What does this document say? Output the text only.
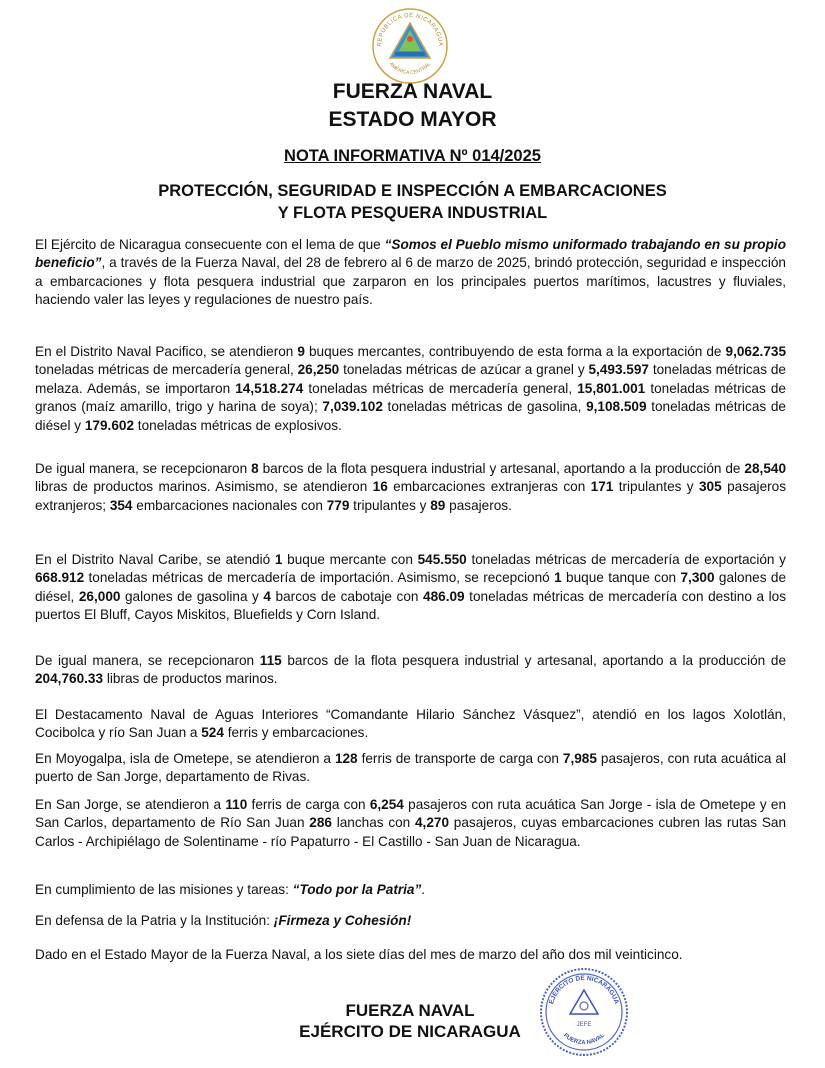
REPÚBLICA DE NICARAGUA
AMÉRICA CENTRAL
FUERZA NAVAL
ESTADO MAYOR
NOTA INFORMATIVA Nº 014/2025
PROTECCIÓN, SEGURIDAD E INSPECCIÓN A EMBARCACIONES
Y FLOTA PESQUERA INDUSTRIAL

El Ejército de Nicaragua consecuente con el lema de que “Somos el Pueblo mismo uniformado trabajando en su propio beneficio”, a través de la Fuerza Naval, del 28 de febrero al 6 de marzo de 2025, brindó protección, seguridad e inspección a embarcaciones y flota pesquera industrial que zarparon en los principales puertos marítimos, lacustres y fluviales, haciendo valer las leyes y regulaciones de nuestro país.

En el Distrito Naval Pacifico, se atendieron 9 buques mercantes, contribuyendo de esta forma a la exportación de 9,062.735 toneladas métricas de mercadería general, 26,250 toneladas métricas de azúcar a granel y 5,493.597 toneladas métricas de melaza. Además, se importaron 14,518.274 toneladas métricas de mercadería general, 15,801.001 toneladas métricas de granos (maíz amarillo, trigo y harina de soya); 7,039.102 toneladas métricas de gasolina, 9,108.509 toneladas métricas de diésel y 179.602 toneladas métricas de explosivos.

De igual manera, se recepcionaron 8 barcos de la flota pesquera industrial y artesanal, aportando a la producción de 28,540 libras de productos marinos. Asimismo, se atendieron 16 embarcaciones extranjeras con 171 tripulantes y 305 pasajeros extranjeros; 354 embarcaciones nacionales con 779 tripulantes y 89 pasajeros.

En el Distrito Naval Caribe, se atendió 1 buque mercante con 545.550 toneladas métricas de mercadería de exportación y 668.912 toneladas métricas de mercadería de importación. Asimismo, se recepcionó 1 buque tanque con 7,300 galones de diésel, 26,000 galones de gasolina y 4 barcos de cabotaje con 486.09 toneladas métricas de mercadería con destino a los puertos El Bluff, Cayos Miskitos, Bluefields y Corn Island.

De igual manera, se recepcionaron 115 barcos de la flota pesquera industrial y artesanal, aportando a la producción de 204,760.33 libras de productos marinos.

El Destacamento Naval de Aguas Interiores “Comandante Hilario Sánchez Vásquez”, atendió en los lagos Xolotlán, Cocibolca y río San Juan a 524 ferris y embarcaciones.

En Moyogalpa, isla de Ometepe, se atendieron a 128 ferris de transporte de carga con 7,985 pasajeros, con ruta acuática al puerto de San Jorge, departamento de Rivas.

En San Jorge, se atendieron a 110 ferris de carga con 6,254 pasajeros con ruta acuática San Jorge - isla de Ometepe y en San Carlos, departamento de Río San Juan 286 lanchas con 4,270 pasajeros, cuyas embarcaciones cubren las rutas San Carlos - Archipiélago de Solentiname - río Papaturro - El Castillo - San Juan de Nicaragua.

En cumplimiento de las misiones y tareas: “Todo por la Patria”.

En defensa de la Patria y la Institución: ¡Firmeza y Cohesión!

Dado en el Estado Mayor de la Fuerza Naval, a los siete días del mes de marzo del año dos mil veinticinco.

FUERZA NAVAL
EJÉRCITO DE NICARAGUA
EJÉRCITO DE NICARAGUA
FUERZA NAVAL
JEFE
